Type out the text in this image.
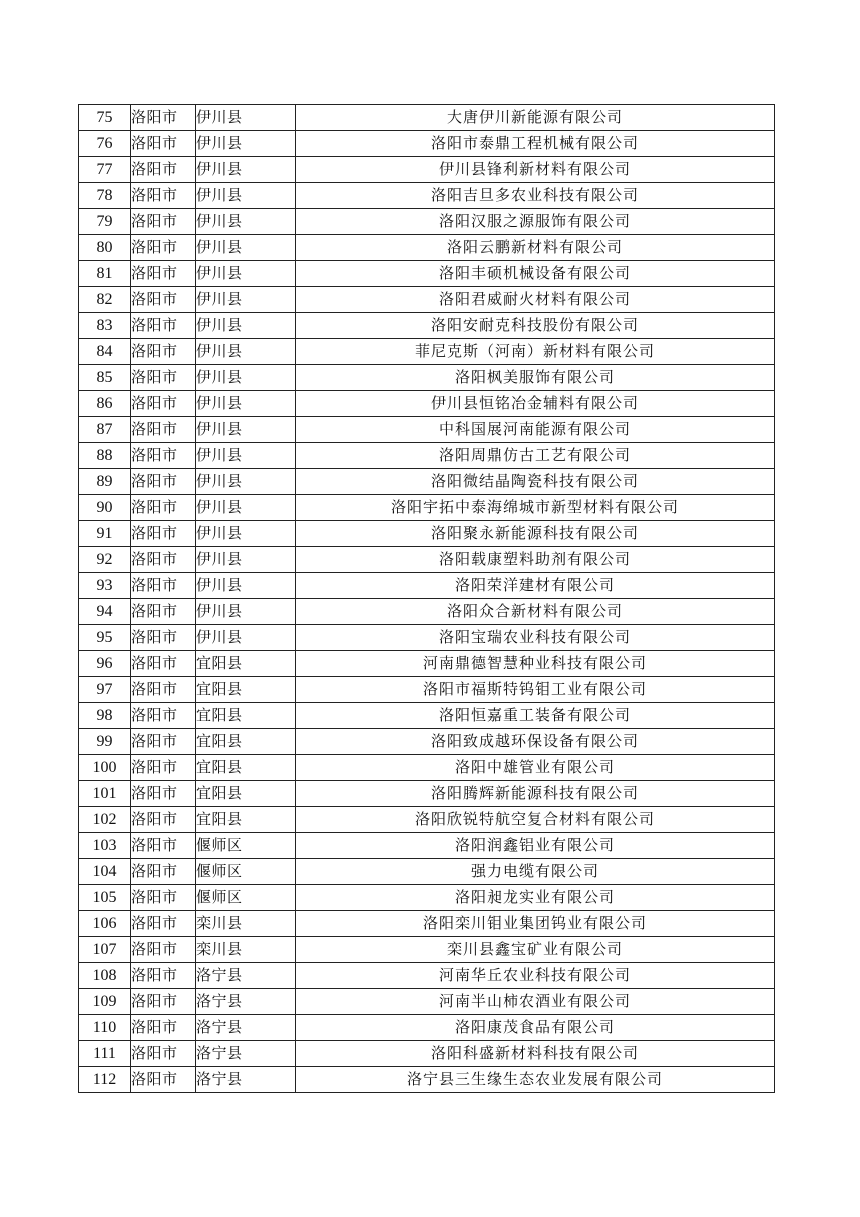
75	洛阳市	伊川县	大唐伊川新能源有限公司
76	洛阳市	伊川县	洛阳市泰鼎工程机械有限公司
77	洛阳市	伊川县	伊川县锋利新材料有限公司
78	洛阳市	伊川县	洛阳吉旦多农业科技有限公司
79	洛阳市	伊川县	洛阳汉服之源服饰有限公司
80	洛阳市	伊川县	洛阳云鹏新材料有限公司
81	洛阳市	伊川县	洛阳丰硕机械设备有限公司
82	洛阳市	伊川县	洛阳君威耐火材料有限公司
83	洛阳市	伊川县	洛阳安耐克科技股份有限公司
84	洛阳市	伊川县	菲尼克斯（河南）新材料有限公司
85	洛阳市	伊川县	洛阳枫美服饰有限公司
86	洛阳市	伊川县	伊川县恒铭冶金辅料有限公司
87	洛阳市	伊川县	中科国展河南能源有限公司
88	洛阳市	伊川县	洛阳周鼎仿古工艺有限公司
89	洛阳市	伊川县	洛阳微结晶陶瓷科技有限公司
90	洛阳市	伊川县	洛阳宇拓中泰海绵城市新型材料有限公司
91	洛阳市	伊川县	洛阳聚永新能源科技有限公司
92	洛阳市	伊川县	洛阳载康塑料助剂有限公司
93	洛阳市	伊川县	洛阳荣洋建材有限公司
94	洛阳市	伊川县	洛阳众合新材料有限公司
95	洛阳市	伊川县	洛阳宝瑞农业科技有限公司
96	洛阳市	宜阳县	河南鼎德智慧种业科技有限公司
97	洛阳市	宜阳县	洛阳市福斯特钨钼工业有限公司
98	洛阳市	宜阳县	洛阳恒嘉重工装备有限公司
99	洛阳市	宜阳县	洛阳致成越环保设备有限公司
100	洛阳市	宜阳县	洛阳中雄管业有限公司
101	洛阳市	宜阳县	洛阳腾辉新能源科技有限公司
102	洛阳市	宜阳县	洛阳欣锐特航空复合材料有限公司
103	洛阳市	偃师区	洛阳润鑫铝业有限公司
104	洛阳市	偃师区	强力电缆有限公司
105	洛阳市	偃师区	洛阳昶龙实业有限公司
106	洛阳市	栾川县	洛阳栾川钼业集团钨业有限公司
107	洛阳市	栾川县	栾川县鑫宝矿业有限公司
108	洛阳市	洛宁县	河南华丘农业科技有限公司
109	洛阳市	洛宁县	河南半山柿农酒业有限公司
110	洛阳市	洛宁县	洛阳康茂食品有限公司
111	洛阳市	洛宁县	洛阳科盛新材料科技有限公司
112	洛阳市	洛宁县	洛宁县三生缘生态农业发展有限公司
